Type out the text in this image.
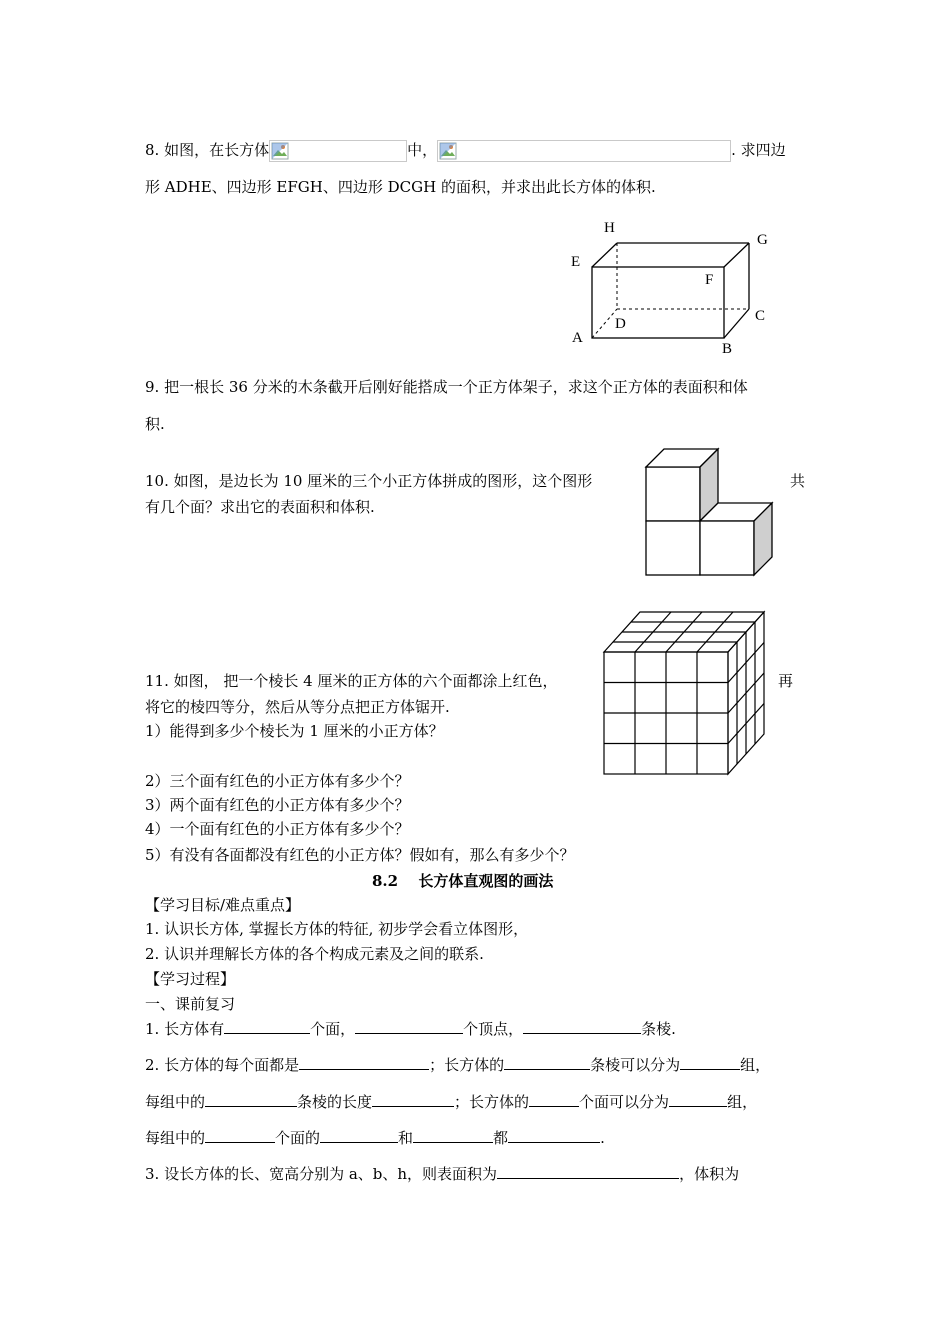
8. 如图，在长方体	中，	. 求四边
形 ADHE、四边形 EFGH、四边形 DCGH 的面积，并求出此长方体的体积.
H
G
E
F
C
D
A
B
9. 把一根长 36 分米的木条截开后刚好能搭成一个正方体架子，求这个正方体的表面积和体
积.
10. 如图，是边长为 10 厘米的三个小正方体拼成的图形，这个图形	共
有几个面？求出它的表面积和体积.
11. 如图， 把一个棱长 4 厘米的正方体的六个面都涂上红色，	再
将它的棱四等分，然后从等分点把正方体锯开.
1）能得到多少个棱长为 1 厘米的小正方体？
2）三个面有红色的小正方体有多少个？
3）两个面有红色的小正方体有多少个？
4）一个面有红色的小正方体有多少个？
5）有没有各面都没有红色的小正方体？假如有，那么有多少个？
8.2　 长方体直观图的画法
【学习目标/难点重点】
1. 认识长方体, 掌握长方体的特征, 初步学会看立体图形，
2. 认识并理解长方体的各个构成元素及之间的联系.
【学习过程】
一、课前复习
1. 长方体有	个面，	个顶点，	条棱.
2. 长方体的每个面都是	；长方体的	条棱可以分为	组，
每组中的	条棱的长度	；长方体的	个面可以分为	组，
每组中的	个面的	和	都	.
3. 设长方体的长、宽高分别为 a、b、h，则表面积为	，体积为
